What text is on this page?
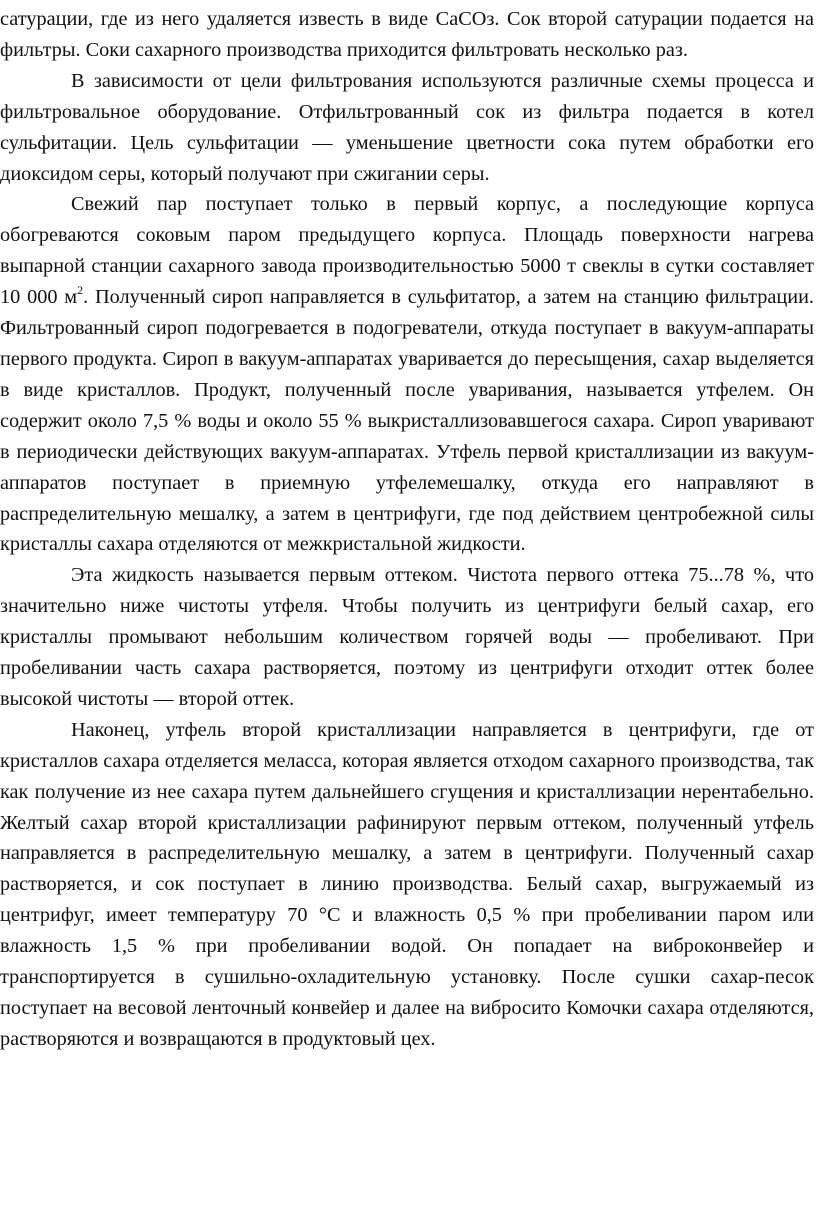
сатурации, где из него удаляется известь в виде CaCOз. Сок второй сатурации подается на фильтры. Соки сахарного производства приходится фильтровать несколько раз.

В зависимости от цели фильтрования используются различные схемы процесса и фильтровальное оборудование. Отфильтрованный сок из фильтра подается в котел сульфитации. Цель сульфитации — уменьшение цветности сока путем обработки его диоксидом серы, который получают при сжигании серы.

Свежий пар поступает только в первый корпус, а последующие корпуса обогреваются соковым паром предыдущего корпуса. Площадь поверхности нагрева выпарной станции сахарного завода производительностью 5000 т свеклы в сутки составляет 10 000 $м^2$. Полученный сироп направляется в сульфитатор, а затем на станцию фильтрации. Фильтрованный сироп подогревается в подогреватели, откуда поступает в вакуум-аппараты первого продукта. Сироп в вакуум-аппаратах уваривается до пересыщения, сахар выделяется в виде кристаллов. Продукт, полученный после уваривания, называется утфелем. Он содержит около 7,5 % воды и около 55 % выкристаллизовавшегося сахара. Сироп уваривают в периодически действующих вакуум-аппаратах. Утфель первой кристаллизации из вакуум-аппаратов поступает в приемную утфелемешалку, откуда его направляют в распределительную мешалку, а затем в центрифуги, где под действием центробежной силы кристаллы сахара отделяются от межкристальной жидкости.

Эта жидкость называется первым оттеком. Чистота первого оттека 75...78 %, что значительно ниже чистоты утфеля. Чтобы получить из центрифуги белый сахар, его кристаллы промывают небольшим количеством горячей воды — пробеливают. При пробеливании часть сахара растворяется, поэтому из центрифуги отходит оттек более высокой чистоты — второй оттек.

Наконец, утфель второй кристаллизации направляется в центрифуги, где от кристаллов сахара отделяется меласса, которая является отходом сахарного производства, так как получение из нее сахара путем дальнейшего сгущения и кристаллизации нерентабельно. Желтый сахар второй кристаллизации рафинируют первым оттеком, полученный утфель направляется в распределительную мешалку, а затем в центрифуги. Полученный сахар растворяется, и сок поступает в линию производства. Белый сахар, выгружаемый из центрифуг, имеет температуру 70 °С и влажность 0,5 % при пробеливании паром или влажность 1,5 % при пробеливании водой. Он попадает на виброконвейер и транспортируется в сушильно-охладительную установку. После сушки сахар-песок поступает на весовой ленточный конвейер и далее на вибросито Комочки сахара отделяются, растворяются и возвращаются в продуктовый цех.
